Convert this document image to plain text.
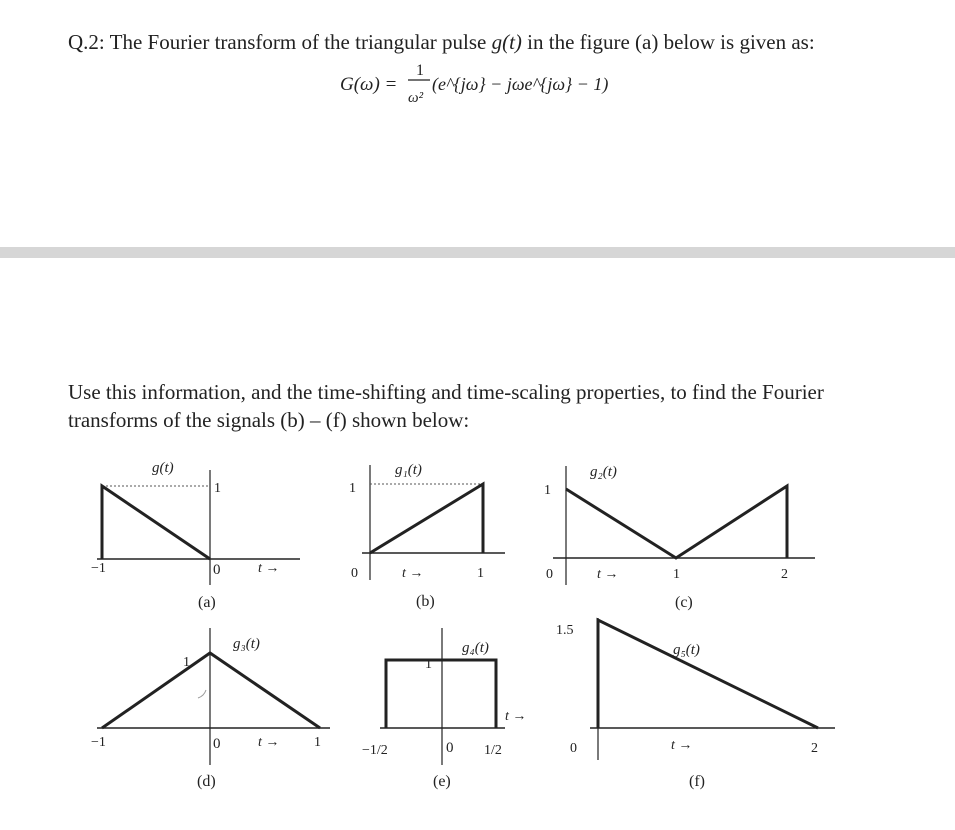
Q.2: The Fourier transform of the triangular pulse g(t) in the figure (a) below is given as:
G(ω) =
1
ω²
(e^{jω} − jωe^{jω} − 1)
Use this information, and the time-shifting and time-scaling properties, to find the Fourier
transforms of the signals (b) – (f) shown below:
g(t)
−1	0
1
t →
(a)
g₁(t)
1
0	1
t →
(b)
g₂(t)
1
0	1	2
t →
(c)
g₃(t)
1
−1	0	1
t →
(d)
g₄(t)
1
−1/2	0 1/2
t →
(e)
g₅(t)
1.5
0	2
t →
(f)
